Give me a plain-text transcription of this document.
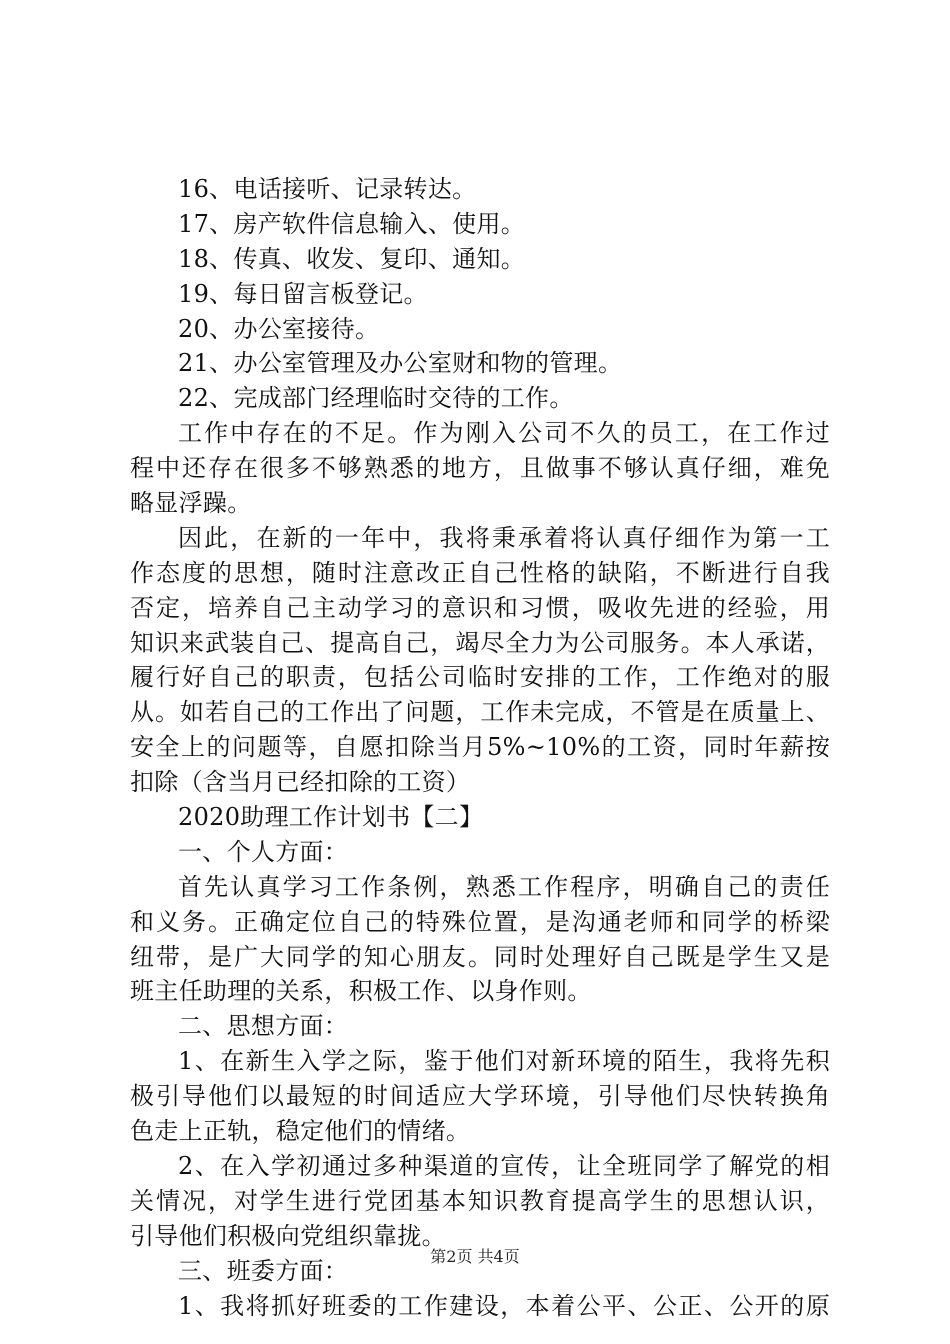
16、电话接听、记录转达。
17、房产软件信息输入、使用。
18、传真、收发、复印、通知。
19、每日留言板登记。
20、办公室接待。
21、办公室管理及办公室财和物的管理。
22、完成部门经理临时交待的工作。
工作中存在的不足。作为刚入公司不久的员工，在工作过
程中还存在很多不够熟悉的地方，且做事不够认真仔细，难免
略显浮躁。
因此，在新的一年中，我将秉承着将认真仔细作为第一工
作态度的思想，随时注意改正自己性格的缺陷，不断进行自我
否定，培养自己主动学习的意识和习惯，吸收先进的经验，用
知识来武装自己、提高自己，竭尽全力为公司服务。本人承诺，
履行好自己的职责，包括公司临时安排的工作，工作绝对的服
从。如若自己的工作出了问题，工作未完成，不管是在质量上、
安全上的问题等，自愿扣除当月5%~10%的工资，同时年薪按
扣除（含当月已经扣除的工资）
2020助理工作计划书【二】
一、个人方面：
首先认真学习工作条例，熟悉工作程序，明确自己的责任
和义务。正确定位自己的特殊位置，是沟通老师和同学的桥梁
纽带，是广大同学的知心朋友。同时处理好自己既是学生又是
班主任助理的关系，积极工作、以身作则。
二、思想方面：
1、在新生入学之际，鉴于他们对新环境的陌生，我将先积
极引导他们以最短的时间适应大学环境，引导他们尽快转换角
色走上正轨，稳定他们的情绪。
2、在入学初通过多种渠道的宣传，让全班同学了解党的相
关情况，对学生进行党团基本知识教育提高学生的思想认识，
引导他们积极向党组织靠拢。
三、班委方面：
1、我将抓好班委的工作建设，本着公平、公正、公开的原
第2页 共4页
